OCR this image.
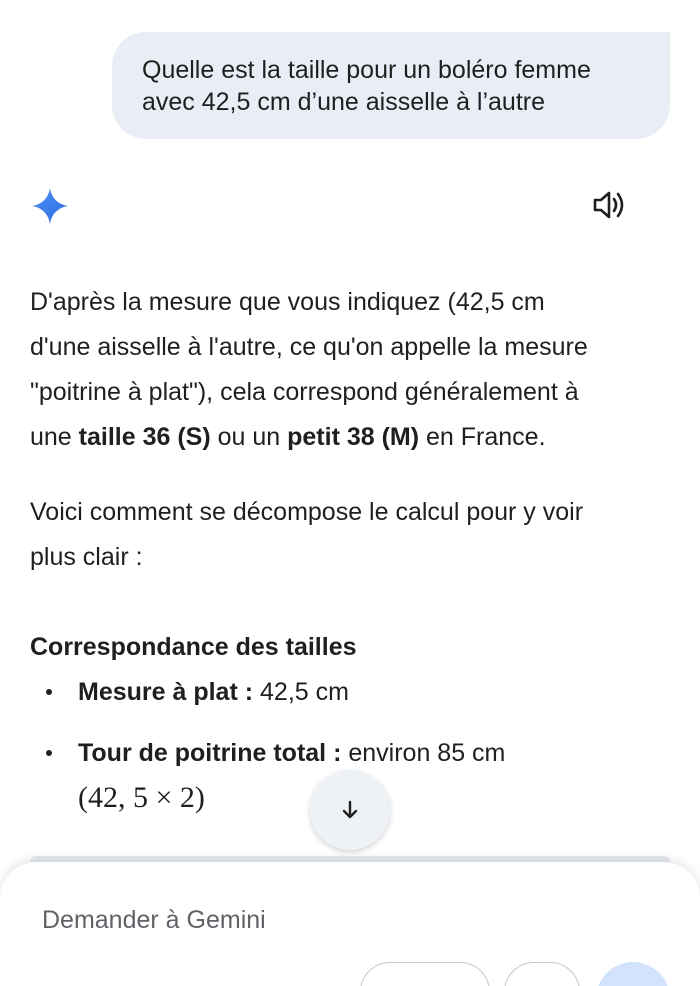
Quelle est la taille pour un boléro femme
avec 42,5 cm d’une aisselle à l’autre

D'après la mesure que vous indiquez (42,5 cm
d'une aisselle à l'autre, ce qu'on appelle la mesure
"poitrine à plat"), cela correspond généralement à
une taille 36 (S) ou un petit 38 (M) en France.

Voici comment se décompose le calcul pour y voir
plus clair :

Correspondance des tailles
Mesure à plat : 42,5 cm
Tour de poitrine total : environ 85 cm
(42, 5 × 2)
Demander à Gemini
